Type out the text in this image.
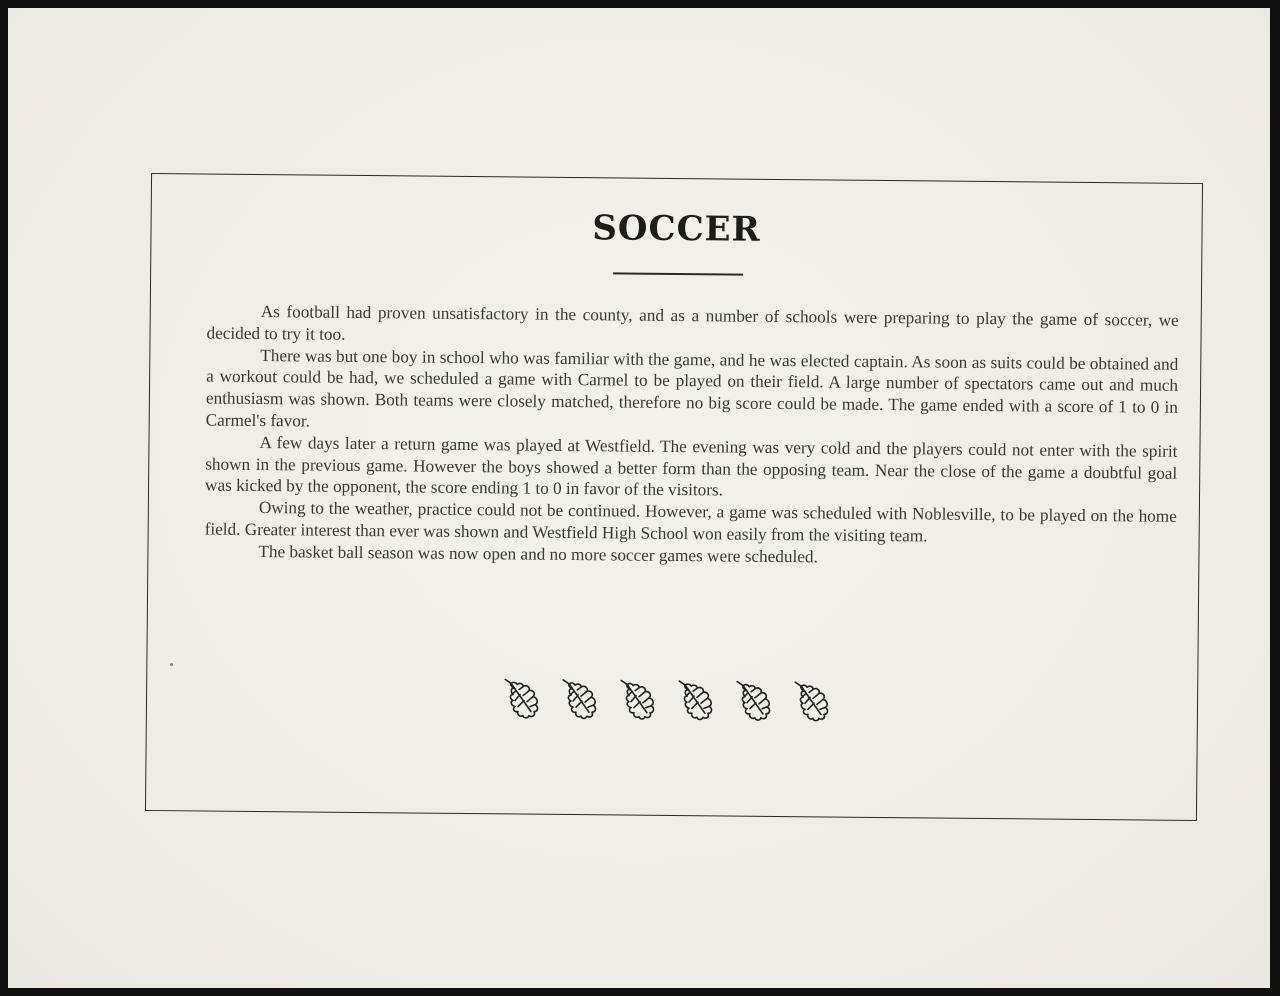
SOCCER

As football had proven unsatisfactory in the county, and as a number of schools were preparing to play the game of soccer, we decided to try it too.

There was but one boy in school who was familiar with the game, and he was elected captain. As soon as suits could be obtained and a workout could be had, we scheduled a game with Carmel to be played on their field. A large number of spectators came out and much enthusiasm was shown. Both teams were closely matched, therefore no big score could be made. The game ended with a score of 1 to 0 in Carmel's favor.

A few days later a return game was played at Westfield. The evening was very cold and the players could not enter with the spirit shown in the previous game. However the boys showed a better form than the opposing team. Near the close of the game a doubtful goal was kicked by the opponent, the score ending 1 to 0 in favor of the visitors.

Owing to the weather, practice could not be continued. However, a game was scheduled with Noblesville, to be played on the home field. Greater interest than ever was shown and Westfield High School won easily from the visiting team.

The basket ball season was now open and no more soccer games were scheduled.
